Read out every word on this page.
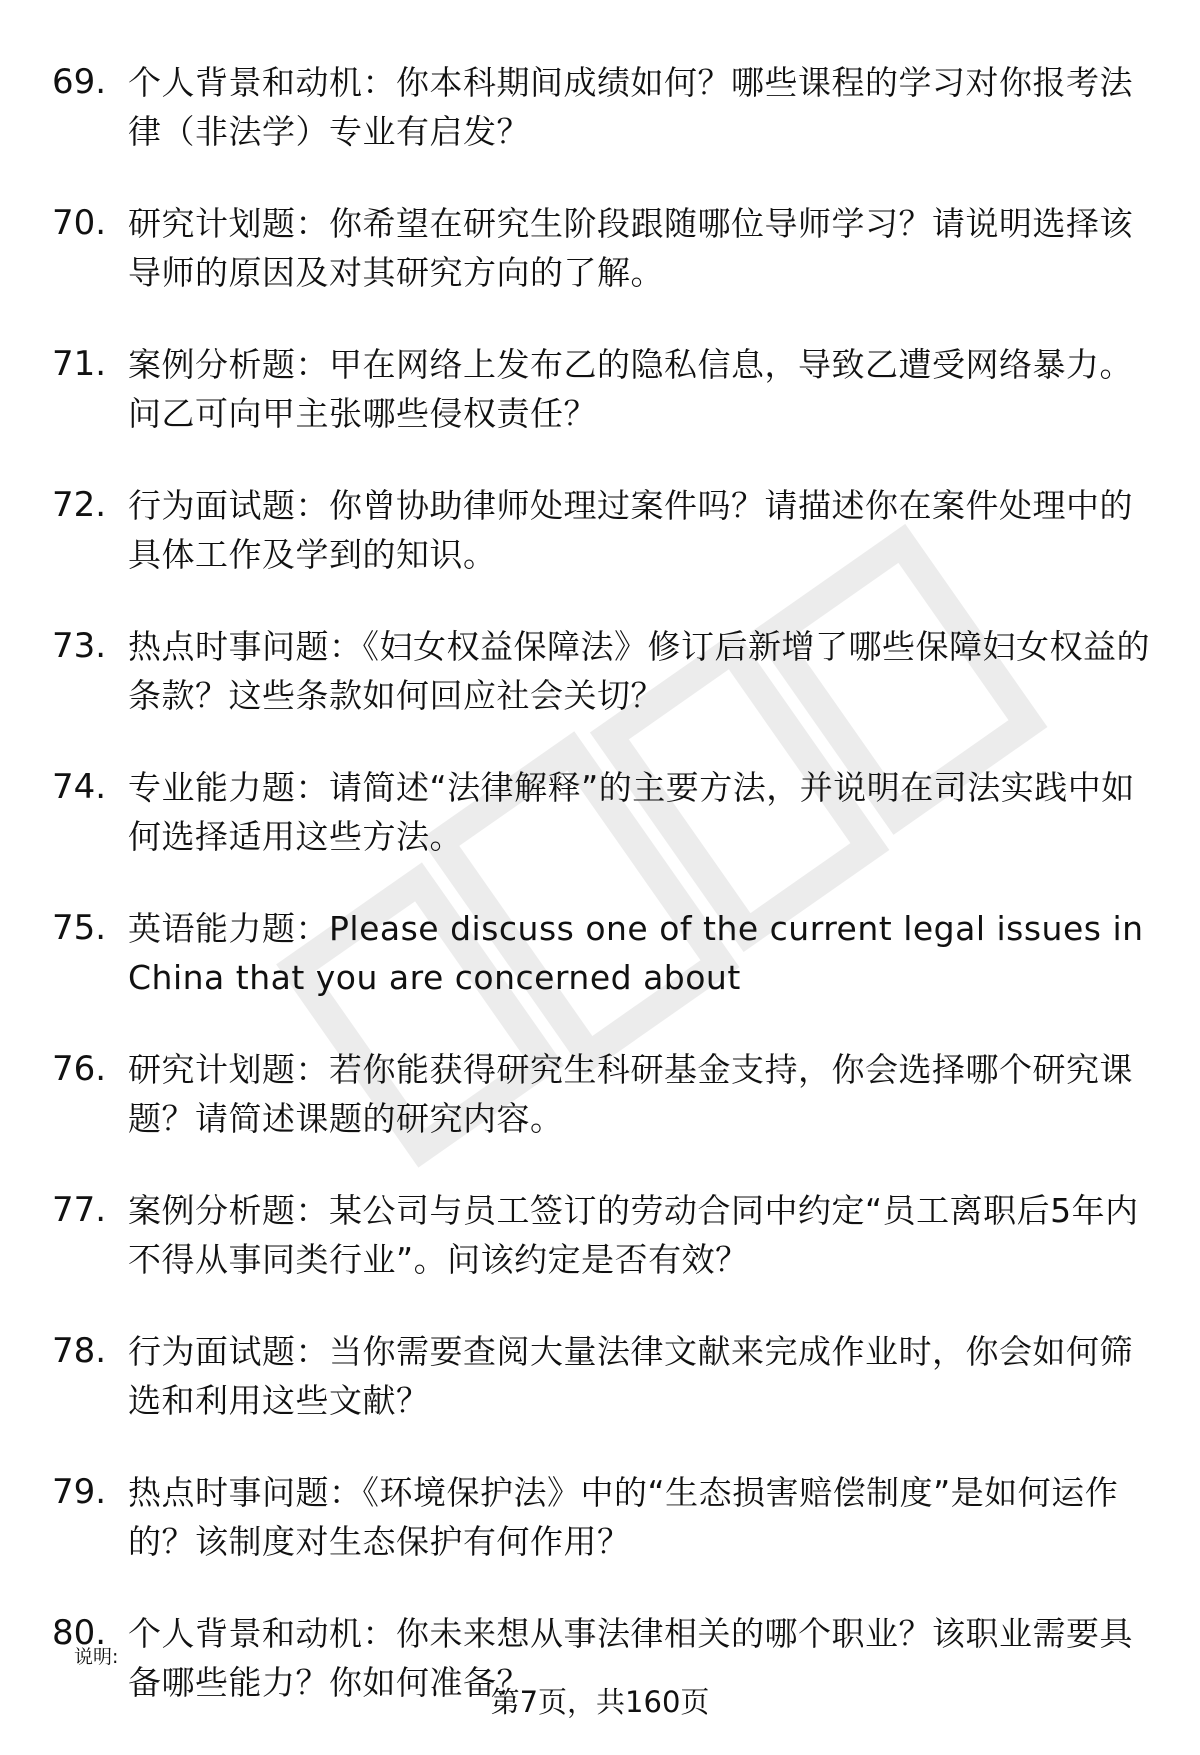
69. 个人背景和动机：你本科期间成绩如何？哪些课程的学习对你报考法律（非法学）专业有启发？
70. 研究计划题：你希望在研究生阶段跟随哪位导师学习？请说明选择该导师的原因及对其研究方向的了解。
71. 案例分析题：甲在网络上发布乙的隐私信息，导致乙遭受网络暴力。问乙可向甲主张哪些侵权责任？
72. 行为面试题：你曾协助律师处理过案件吗？请描述你在案件处理中的具体工作及学到的知识。
73. 热点时事问题：《妇女权益保障法》修订后新增了哪些保障妇女权益的条款？这些条款如何回应社会关切？
74. 专业能力题：请简述“法律解释”的主要方法，并说明在司法实践中如何选择适用这些方法。
75. 英语能力题：Please discuss one of the current legal issues in China that you are concerned about
76. 研究计划题：若你能获得研究生科研基金支持，你会选择哪个研究课题？请简述课题的研究内容。
77. 案例分析题：某公司与员工签订的劳动合同中约定“员工离职后5年内不得从事同类行业”。问该约定是否有效？
78. 行为面试题：当你需要查阅大量法律文献来完成作业时，你会如何筛选和利用这些文献？
79. 热点时事问题：《环境保护法》中的“生态损害赔偿制度”是如何运作的？该制度对生态保护有何作用？
80. 个人背景和动机：你未来想从事法律相关的哪个职业？该职业需要具备哪些能力？你如何准备？
说明:
第7页，共160页
